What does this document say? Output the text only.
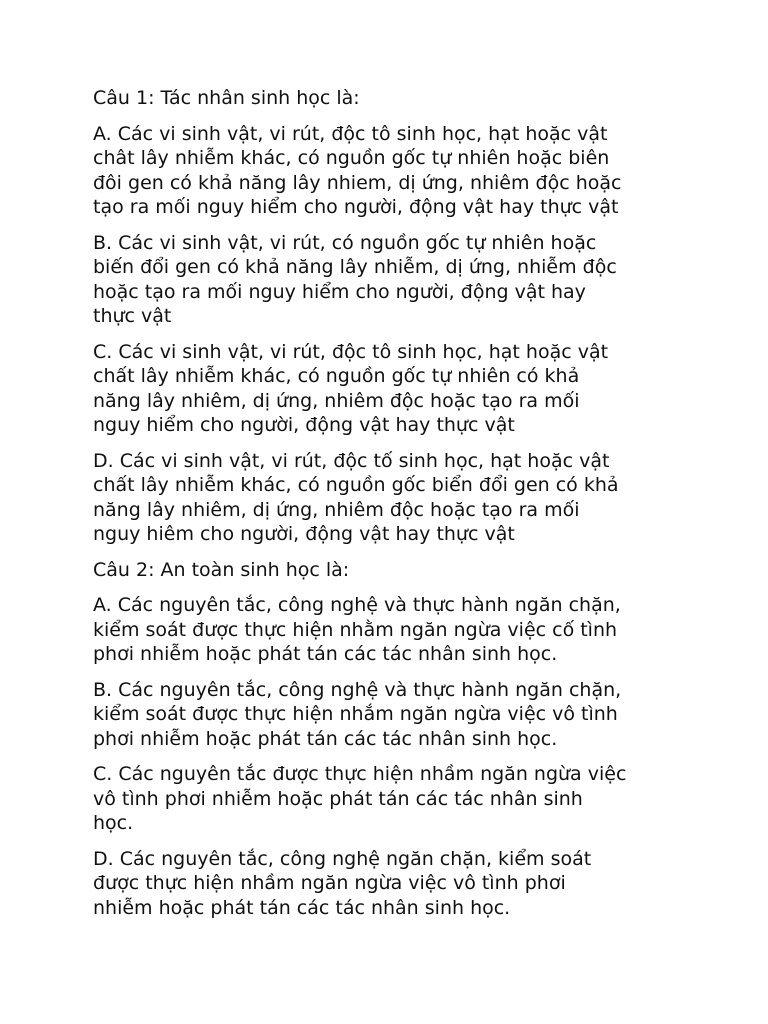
Câu 1: Tác nhân sinh học là:

A. Các vi sinh vật, vi rút, độc tô sinh học, hạt hoặc vật
chât lây nhiễm khác, có nguồn gốc tự nhiên hoặc biên
đôi gen có khả năng lây nhiem, dị ứng, nhiêm độc hoặc
tạo ra mối nguy hiểm cho người, động vật hay thực vật

B. Các vi sinh vật, vi rút, có nguồn gốc tự nhiên hoặc
biến đổi gen có khả năng lây nhiễm, dị ứng, nhiễm độc
hoặc tạo ra mối nguy hiểm cho người, động vật hay
thực vật

C. Các vi sinh vật, vi rút, độc tô sinh học, hạt hoặc vật
chất lây nhiễm khác, có nguồn gốc tự nhiên có khả
năng lây nhiêm, dị ứng, nhiêm độc hoặc tạo ra mối
nguy hiểm cho người, động vật hay thực vật

D. Các vi sinh vật, vi rút, độc tố sinh học, hạt hoặc vật
chất lây nhiễm khác, có nguồn gốc biển đổi gen có khả
năng lây nhiêm, dị ứng, nhiêm độc hoặc tạo ra mối
nguy hiêm cho người, động vật hay thực vật

Câu 2: An toàn sinh học là:

A. Các nguyên tắc, công nghệ và thực hành ngăn chặn,
kiểm soát được thực hiện nhằm ngăn ngừa việc cố tình
phơi nhiễm hoặc phát tán các tác nhân sinh học.

B. Các nguyên tắc, công nghệ và thực hành ngăn chặn,
kiểm soát được thực hiện nhắm ngăn ngừa việc vô tình
phơi nhiễm hoặc phát tán các tác nhân sinh học.

C. Các nguyên tắc được thực hiện nhầm ngăn ngừa việc
vô tình phơi nhiễm hoặc phát tán các tác nhân sinh
học.

D. Các nguyên tắc, công nghệ ngăn chặn, kiểm soát
được thực hiện nhầm ngăn ngừa việc vô tình phơi
nhiễm hoặc phát tán các tác nhân sinh học.
